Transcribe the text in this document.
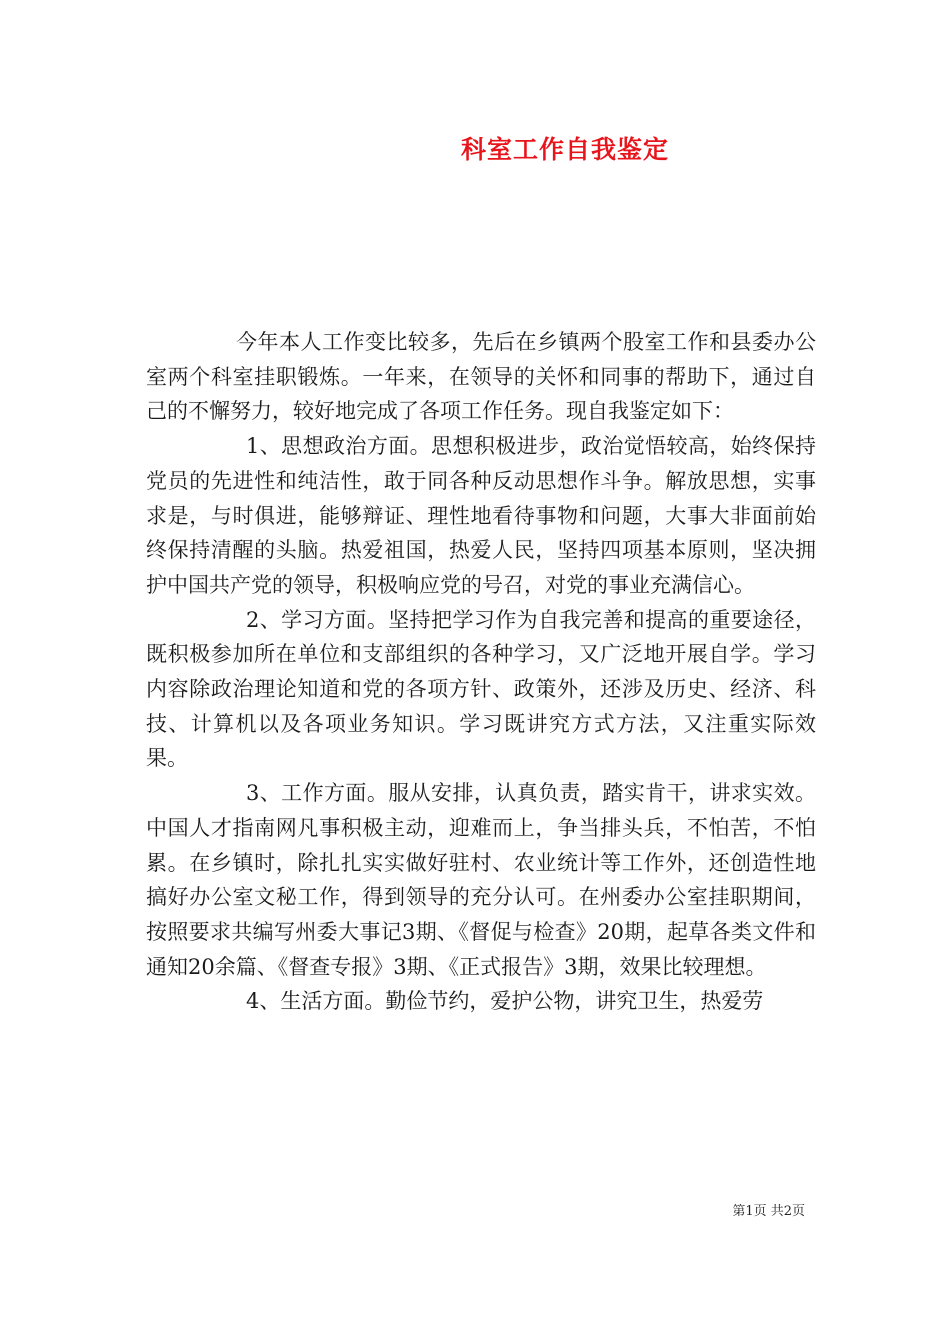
科室工作自我鉴定

今年本人工作变比较多，先后在乡镇两个股室工作和县委办公室两个科室挂职锻炼。一年来，在领导的关怀和同事的帮助下，通过自己的不懈努力，较好地完成了各项工作任务。现自我鉴定如下：

1、思想政治方面。思想积极进步，政治觉悟较高，始终保持党员的先进性和纯洁性，敢于同各种反动思想作斗争。解放思想，实事求是，与时俱进，能够辩证、理性地看待事物和问题，大事大非面前始终保持清醒的头脑。热爱祖国，热爱人民，坚持四项基本原则，坚决拥护中国共产党的领导，积极响应党的号召，对党的事业充满信心。

2、学习方面。坚持把学习作为自我完善和提高的重要途径，既积极参加所在单位和支部组织的各种学习，又广泛地开展自学。学习内容除政治理论知道和党的各项方针、政策外，还涉及历史、经济、科技、计算机以及各项业务知识。学习既讲究方式方法，又注重实际效果。

3、工作方面。服从安排，认真负责，踏实肯干，讲求实效。中国人才指南网凡事积极主动，迎难而上，争当排头兵，不怕苦，不怕累。在乡镇时，除扎扎实实做好驻村、农业统计等工作外，还创造性地搞好办公室文秘工作，得到领导的充分认可。在州委办公室挂职期间，按照要求共编写州委大事记3期、《督促与检查》20期，起草各类文件和通知20余篇、《督查专报》3期、《正式报告》3期，效果比较理想。

4、生活方面。勤俭节约，爱护公物，讲究卫生，热爱劳

第1页 共2页
